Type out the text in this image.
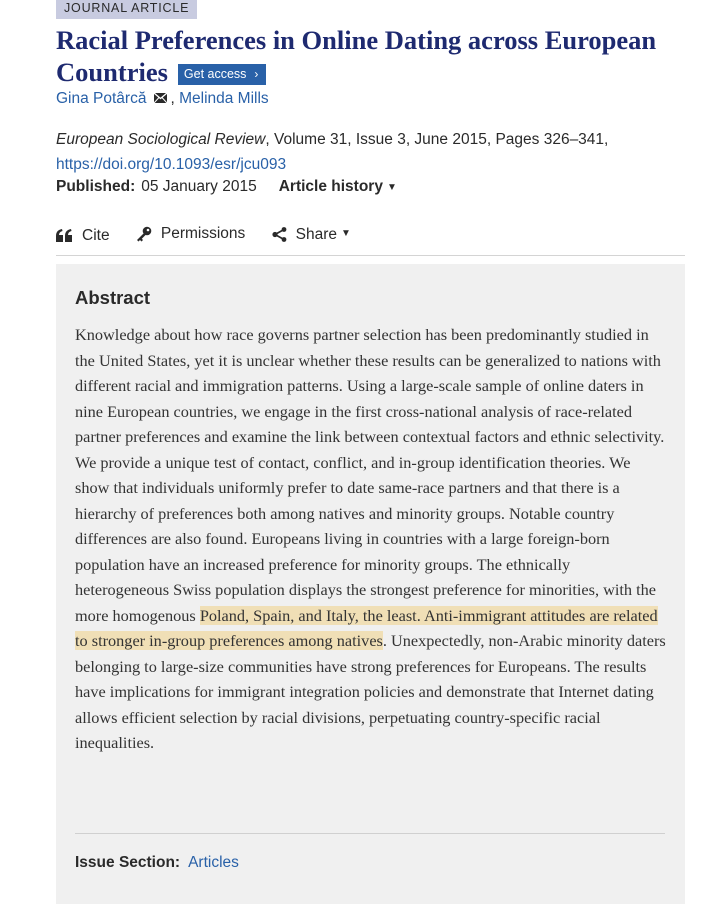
JOURNAL ARTICLE
Racial Preferences in Online Dating across European Countries Get access ›
Gina Potârcă , Melinda Mills
European Sociological Review, Volume 31, Issue 3, June 2015, Pages 326–341,
https://doi.org/10.1093/esr/jcu093
Published: 05 January 2015 Article history ▼
Cite
	Permissions
	Share ▼
Abstract

Knowledge about how race governs partner selection has been predominantly studied in the United States, yet it is unclear whether these results can be generalized to nations with different racial and immigration patterns. Using a large-scale sample of online daters in nine European countries, we engage in the first cross-national analysis of race-related partner preferences and examine the link between contextual factors and ethnic selectivity. We provide a unique test of contact, conflict, and in-group identification theories. We show that individuals uniformly prefer to date same-race partners and that there is a hierarchy of preferences both among natives and minority groups. Notable country differences are also found. Europeans living in countries with a large foreign-born population have an increased preference for minority groups. The ethnically heterogeneous Swiss population displays the strongest preference for minorities, with the more homogenous Poland, Spain, and Italy, the least. Anti-immigrant attitudes are related to stronger in-group preferences among natives. Unexpectedly, non-Arabic minority daters belonging to large-size communities have strong preferences for Europeans. The results have implications for immigrant integration policies and demonstrate that Internet dating allows efficient selection by racial divisions, perpetuating country-specific racial inequalities.

Issue Section: Articles
